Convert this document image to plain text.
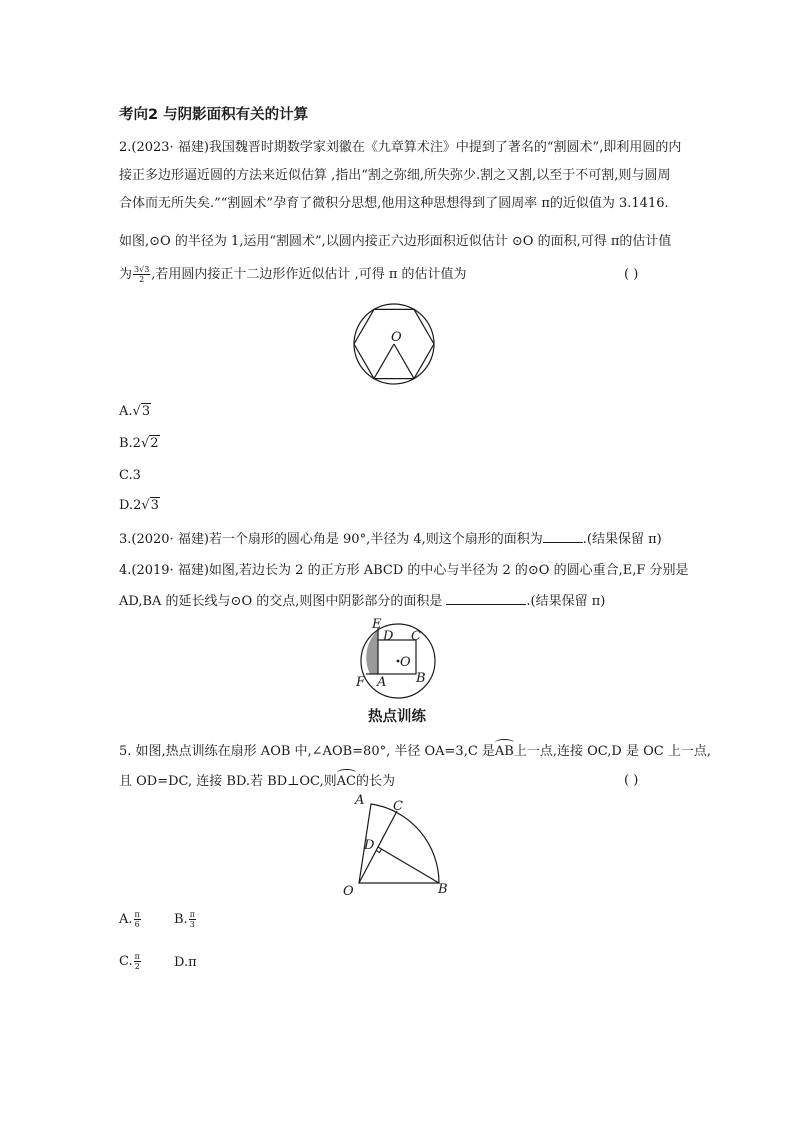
考向2 与阴影面积有关的计算
2.(2023· 福建)我国魏晋时期数学家刘徽在《九章算术注》中提到了著名的“割圆术”,即利用圆的内
接正多边形逼近圆的方法来近似估算 ,指出“割之弥细,所失弥少.割之又割,以至于不可割,则与圆周
合体而无所失矣.”“割圆术”孕育了微积分思想,他用这种思想得到了圆周率 π的近似值为 3.1416.
如图,⊙O 的半径为 1,运用“割圆术”,以圆内接正六边形面积近似估计 ⊙O 的面积,可得 π的估计值
为 $\frac{3√3}{2}$ ,若用圆内接正十二边形作近似估计 ,可得 π 的估计值为	( )
O
A.√3
B.2√2
C.3
D.2√3
3.(2020· 福建)若一个扇形的圆心角是 90°,半径为 4,则这个扇形的面积为	.(结果保留 π)
4.(2019· 福建)如图,若边长为 2 的正方形 ABCD 的中心与半径为 2 的⊙O 的圆心重合,E,F 分别是
AD,BA 的延长线与⊙O 的交点,则图中阴影部分的面积是	.(结果保留 π)
E
D C
O
F A B
热点训练
5. 如图,热点训练在扇形 AOB 中,∠AOB=80°, 半径 OA=3,C 是AB上一点,连接 OC,D 是 OC 上一点,
且 OD=DC, 连接 BD.若 BD⊥OC,则AC的长为	( )
A C
D
O	B
A. $\frac{\pi}{6}$	B. $\frac{\pi}{3}$
C. $\frac{\pi}{2}$	D.π
